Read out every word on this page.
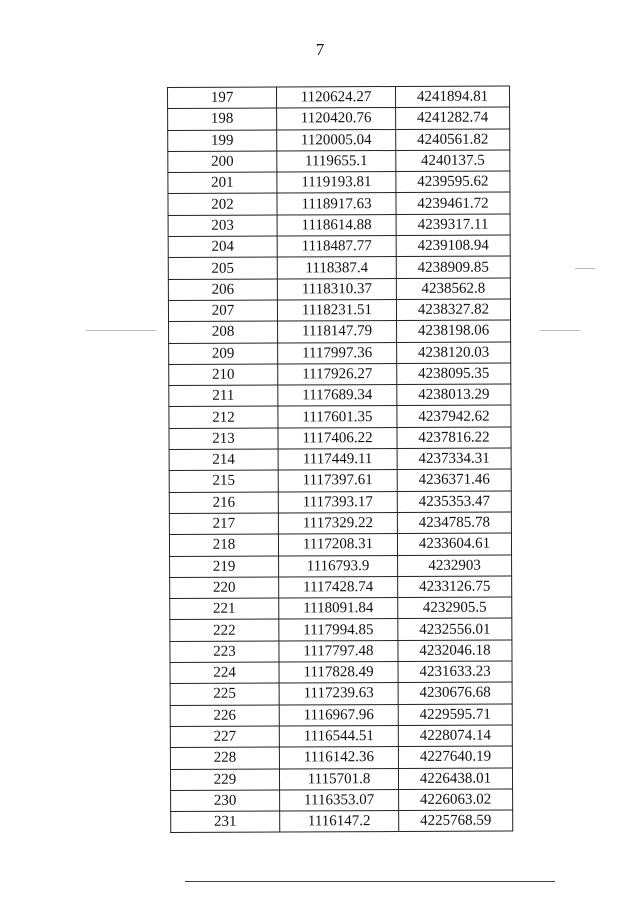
7
197	1120624.27	4241894.81
198	1120420.76	4241282.74
199	1120005.04	4240561.82
200	1119655.1	4240137.5
201	1119193.81	4239595.62
202	1118917.63	4239461.72
203	1118614.88	4239317.11
204	1118487.77	4239108.94
205	1118387.4	4238909.85
206	1118310.37	4238562.8
207	1118231.51	4238327.82
208	1118147.79	4238198.06
209	1117997.36	4238120.03
210	1117926.27	4238095.35
211	1117689.34	4238013.29
212	1117601.35	4237942.62
213	1117406.22	4237816.22
214	1117449.11	4237334.31
215	1117397.61	4236371.46
216	1117393.17	4235353.47
217	1117329.22	4234785.78
218	1117208.31	4233604.61
219	1116793.9	4232903
220	1117428.74	4233126.75
221	1118091.84	4232905.5
222	1117994.85	4232556.01
223	1117797.48	4232046.18
224	1117828.49	4231633.23
225	1117239.63	4230676.68
226	1116967.96	4229595.71
227	1116544.51	4228074.14
228	1116142.36	4227640.19
229	1115701.8	4226438.01
230	1116353.07	4226063.02
231	1116147.2	4225768.59
